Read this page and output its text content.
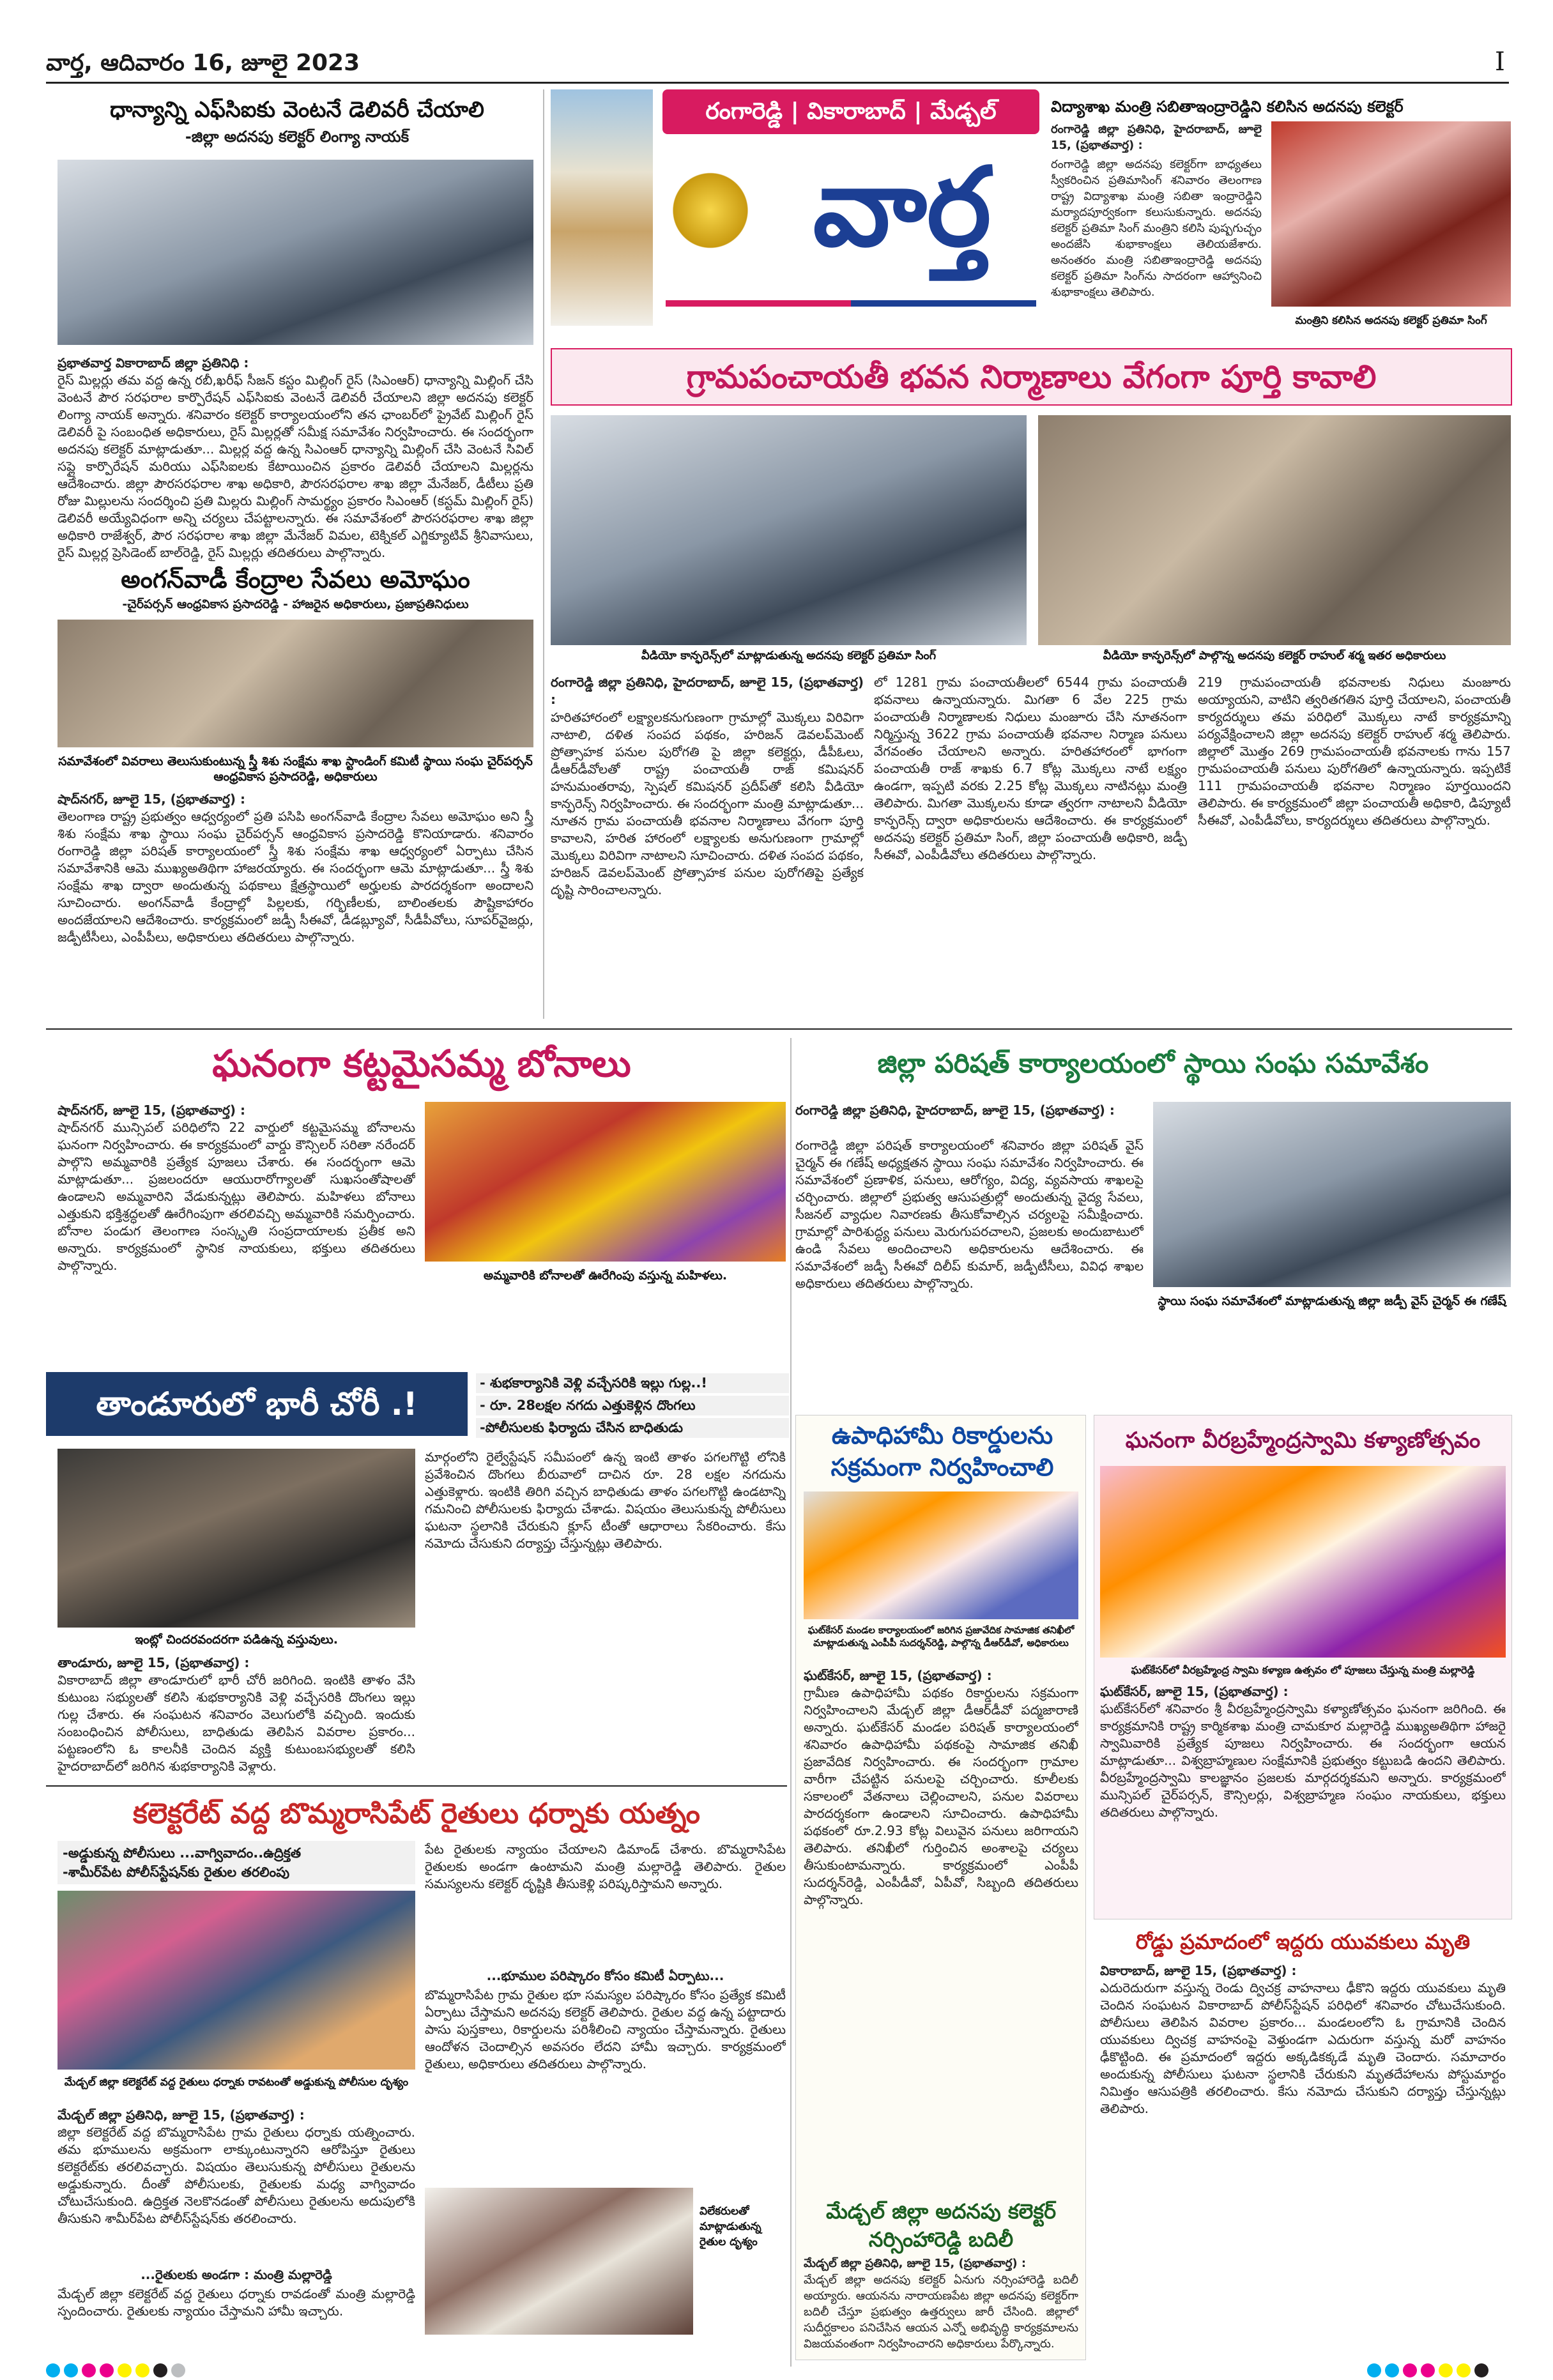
వార్త, ఆదివారం 16, జూలై 2023	I
ధాన్యాన్ని ఎఫ్‌సిఐకు వెంటనే డెలివరీ చేయాలి
-జిల్లా అదనపు కలెక్టర్ లింగ్యా నాయక్
ప్రభాతవార్త వికారాబాద్ జిల్లా ప్రతినిధి :
రైస్ మిల్లర్లు తమ వద్ద ఉన్న రబీ,ఖరీఫ్ సీజన్ కస్టం మిల్లింగ్ రైస్ (సిఎంఆర్) ధాన్యాన్ని మిల్లింగ్ చేసి వెంటనే పౌర సరఫరాల కార్పొరేషన్ ఎఫ్‌సిఐకు వెంటనే డెలివరీ చేయాలని జిల్లా అదనపు కలెక్టర్ లింగ్యా నాయక్ అన్నారు. శనివారం కలెక్టర్ కార్యాలయంలోని తన ఛాంబర్‌లో ప్రైవేట్ మిల్లింగ్ రైస్ డెలివరీ పై సంబంధిత అధికారులు, రైస్ మిల్లర్లతో సమీక్ష సమావేశం నిర్వహించారు. ఈ సందర్భంగా అదనపు కలెక్టర్ మాట్లాడుతూ... మిల్లర్ల వద్ద ఉన్న సిఎంఆర్ ధాన్యాన్ని మిల్లింగ్ చేసి వెంటనే సివిల్ సప్లై కార్పొరేషన్ మరియు ఎఫ్‌సిఐలకు కేటాయించిన ప్రకారం డెలివరీ చేయాలని మిల్లర్లను ఆదేశించారు. జిల్లా పౌరసరఫరాల శాఖ అధికారి, పౌరసరఫరాల శాఖ జిల్లా మేనేజర్, డీటీలు ప్రతి రోజు మిల్లులను సందర్శించి ప్రతి మిల్లరు మిల్లింగ్ సామర్థ్యం ప్రకారం సిఎంఆర్ (కస్టమ్ మిల్లింగ్ రైస్) డెలివరీ అయ్యేవిధంగా అన్ని చర్యలు చేపట్టాలన్నారు. ఈ సమావేశంలో పౌరసరఫరాల శాఖ జిల్లా అధికారి రాజేశ్వర్, పౌర సరఫరాల శాఖ జిల్లా మేనేజర్ విమల, టెక్నికల్ ఎగ్జిక్యూటివ్ శ్రీనివాసులు, రైస్ మిల్లర్ల ప్రెసిడెంట్ బాల్‌రెడ్డి, రైస్ మిల్లర్లు తదితరులు పాల్గొన్నారు.
అంగన్‌వాడీ కేంద్రాల సేవలు అమోఘం
-చైర్‌పర్సన్ ఆంధ్రవికాస ప్రసాదరెడ్డి - హాజరైన అధికారులు, ప్రజాప్రతినిధులు
సమావేశంలో వివరాలు తెలుసుకుంటున్న స్త్రీ శిశు సంక్షేమ శాఖ స్టాండింగ్ కమిటీ స్థాయి సంఘ చైర్‌పర్సన్ ఆంధ్రవికాస ప్రసాదరెడ్డి, అధికారులు
షాద్‌నగర్, జూలై 15, (ప్రభాతవార్త) :
తెలంగాణ రాష్ట్ర ప్రభుత్వం ఆధ్వర్యంలో ప్రతి పసిపి అంగన్‌వాడి కేంద్రాల సేవలు అమోఘం అని స్త్రీ శిశు సంక్షేమ శాఖ స్థాయి సంఘ చైర్‌పర్సన్ ఆంధ్రవికాస ప్రసాదరెడ్డి కొనియాడారు. శనివారం రంగారెడ్డి జిల్లా పరిషత్ కార్యాలయంలో స్త్రీ శిశు సంక్షేమ శాఖ ఆధ్వర్యంలో ఏర్పాటు చేసిన సమావేశానికి ఆమె ముఖ్యఅతిథిగా హాజరయ్యారు. ఈ సందర్భంగా ఆమె మాట్లాడుతూ... స్త్రీ శిశు సంక్షేమ శాఖ ద్వారా అందుతున్న పథకాలు క్షేత్రస్థాయిలో అర్హులకు పారదర్శకంగా అందాలని సూచించారు. అంగన్‌వాడీ కేంద్రాల్లో పిల్లలకు, గర్భిణీలకు, బాలింతలకు పౌష్టికాహారం అందజేయాలని ఆదేశించారు. కార్యక్రమంలో జడ్పీ సీఈవో, డీడబ్ల్యూవో, సీడీపీవోలు, సూపర్‌వైజర్లు, జడ్పీటీసీలు, ఎంపీపీలు, అధికారులు తదితరులు పాల్గొన్నారు.
రంగారెడ్డి | వికారాబాద్ | మేడ్చల్
వార్త
విద్యాశాఖ మంత్రి సబితాఇంద్రారెడ్డిని కలిసిన అదనపు కలెక్టర్
రంగారెడ్డి జిల్లా ప్రతినిధి, హైదరాబాద్, జూలై 15, (ప్రభాతవార్త) :
రంగారెడ్డి జిల్లా అదనపు కలెక్టర్‌గా బాధ్యతలు స్వీకరించిన ప్రతిమాసింగ్ శనివారం తెలంగాణ రాష్ట్ర విద్యాశాఖ మంత్రి సబితా ఇంద్రారెడ్డిని మర్యాదపూర్వకంగా కలుసుకున్నారు. అదనపు కలెక్టర్ ప్రతిమా సింగ్ మంత్రిని కలిసి పుష్పగుచ్ఛం అందజేసి శుభాకాంక్షలు తెలియజేశారు. అనంతరం మంత్రి సబితాఇంద్రారెడ్డి అదనపు కలెక్టర్ ప్రతిమా సింగ్‌ను సాదరంగా ఆహ్వానించి శుభాకాంక్షలు తెలిపారు.
మంత్రిని కలిసిన అదనపు కలెక్టర్ ప్రతిమా సింగ్
గ్రామపంచాయతీ భవన నిర్మాణాలు వేగంగా పూర్తి కావాలి
వీడియో కాన్ఫరెన్స్‌లో మాట్లాడుతున్న అదనపు కలెక్టర్ ప్రతిమా సింగ్	వీడియో కాన్ఫరెన్స్‌లో పాల్గొన్న అదనపు కలెక్టర్ రాహుల్ శర్మ ఇతర అధికారులు
రంగారెడ్డి జిల్లా ప్రతినిధి, హైదరాబాద్, జూలై 15, (ప్రభాతవార్త) :
హరితహారంలో లక్ష్యాలకనుగుణంగా గ్రామాల్లో మొక్కలు విరివిగా నాటాలి, దళిత సంపద పథకం, హరిజన్ డెవలప్‌మెంట్ ప్రోత్సాహక పనుల పురోగతి పై జిల్లా కలెక్టర్లు, డీపీఓలు, డీఆర్‌డీవోలతో రాష్ట్ర పంచాయతీ రాజ్ కమిషనర్ హనుమంతరావు, స్పెషల్ కమిషనర్ ప్రదీప్‌తో కలిసి వీడియో కాన్ఫరెన్స్ నిర్వహించారు. ఈ సందర్భంగా మంత్రి మాట్లాడుతూ... నూతన గ్రామ పంచాయతీ భవనాల నిర్మాణాలు వేగంగా పూర్తి కావాలని, హరిత హారంలో లక్ష్యాలకు అనుగుణంగా గ్రామాల్లో మొక్కలు విరివిగా నాటాలని సూచించారు. దళిత సంపద పథకం, హరిజన్ డెవలప్‌మెంట్ ప్రోత్సాహక పనుల పురోగతిపై ప్రత్యేక దృష్టి సారించాలన్నారు.
లో 1281 గ్రామ పంచాయతీలలో 6544 గ్రామ పంచాయతీ భవనాలు ఉన్నాయన్నారు. మిగతా 6 వేల 225 గ్రామ పంచాయతీ నిర్మాణాలకు నిధులు మంజూరు చేసి నూతనంగా నిర్మిస్తున్న 3622 గ్రామ పంచాయతీ భవనాల నిర్మాణ పనులు వేగవంతం చేయాలని అన్నారు. హరితహారంలో భాగంగా పంచాయతీ రాజ్ శాఖకు 6.7 కోట్ల మొక్కలు నాటే లక్ష్యం ఉండగా, ఇప్పటి వరకు 2.25 కోట్ల మొక్కలు నాటినట్లు మంత్రి తెలిపారు. మిగతా మొక్కలను కూడా త్వరగా నాటాలని వీడియో కాన్ఫరెన్స్ ద్వారా అధికారులను ఆదేశించారు. ఈ కార్యక్రమంలో అదనపు కలెక్టర్ ప్రతిమా సింగ్, జిల్లా పంచాయతీ అధికారి, జడ్పీ సీఈవో, ఎంపీడీవోలు తదితరులు పాల్గొన్నారు.
219 గ్రామపంచాయతీ భవనాలకు నిధులు మంజూరు అయ్యాయని, వాటిని త్వరితగతిన పూర్తి చేయాలని, పంచాయతీ కార్యదర్శులు తమ పరిధిలో మొక్కలు నాటే కార్యక్రమాన్ని పర్యవేక్షించాలని జిల్లా అదనపు కలెక్టర్ రాహుల్ శర్మ తెలిపారు. జిల్లాలో మొత్తం 269 గ్రామపంచాయతీ భవనాలకు గాను 157 గ్రామపంచాయతీ పనులు పురోగతిలో ఉన్నాయన్నారు. ఇప్పటికే 111 గ్రామపంచాయతీ భవనాల నిర్మాణం పూర్తయిందని తెలిపారు. ఈ కార్యక్రమంలో జిల్లా పంచాయతీ అధికారి, డిప్యూటీ సీఈవో, ఎంపీడీవోలు, కార్యదర్శులు తదితరులు పాల్గొన్నారు.
ఘనంగా కట్టమైసమ్మ బోనాలు
షాద్‌నగర్, జూలై 15, (ప్రభాతవార్త) :
షాద్‌నగర్ మున్సిపల్ పరిధిలోని 22 వార్డులో కట్టమైసమ్మ బోనాలను ఘనంగా నిర్వహించారు. ఈ కార్యక్రమంలో వార్డు కౌన్సిలర్ సరితా నరేందర్ పాల్గొని అమ్మవారికి ప్రత్యేక పూజలు చేశారు. ఈ సందర్భంగా ఆమె మాట్లాడుతూ... ప్రజలందరూ ఆయురారోగ్యాలతో సుఖసంతోషాలతో ఉండాలని అమ్మవారిని వేడుకున్నట్లు తెలిపారు. మహిళలు బోనాలు ఎత్తుకుని భక్తిశ్రద్ధలతో ఊరేగింపుగా తరలివచ్చి అమ్మవారికి సమర్పించారు. బోనాల పండుగ తెలంగాణ సంస్కృతి సంప్రదాయాలకు ప్రతీక అని అన్నారు. కార్యక్రమంలో స్థానిక నాయకులు, భక్తులు తదితరులు పాల్గొన్నారు.
అమ్మవారికి బోనాలతో ఊరేగింపు వస్తున్న మహిళలు.
జిల్లా పరిషత్ కార్యాలయంలో స్థాయి సంఘ సమావేశం
రంగారెడ్డి జిల్లా ప్రతినిధి, హైదరాబాద్, జూలై 15, (ప్రభాతవార్త) :
రంగారెడ్డి జిల్లా పరిషత్ కార్యాలయంలో శనివారం జిల్లా పరిషత్ వైస్ చైర్మన్ ఈ గణేష్ అధ్యక్షతన స్థాయి సంఘ సమావేశం నిర్వహించారు. ఈ సమావేశంలో ప్రణాళిక, పనులు, ఆరోగ్యం, విద్య, వ్యవసాయ శాఖలపై చర్చించారు. జిల్లాలో ప్రభుత్వ ఆసుపత్రుల్లో అందుతున్న వైద్య సేవలు, సీజనల్ వ్యాధుల నివారణకు తీసుకోవాల్సిన చర్యలపై సమీక్షించారు. గ్రామాల్లో పారిశుద్ధ్య పనులు మెరుగుపరచాలని, ప్రజలకు అందుబాటులో ఉండి సేవలు అందించాలని అధికారులను ఆదేశించారు. ఈ సమావేశంలో జడ్పీ సీఈవో దిలీప్ కుమార్, జడ్పీటీసీలు, వివిధ శాఖల అధికారులు తదితరులు పాల్గొన్నారు.
స్థాయి సంఘ సమావేశంలో మాట్లాడుతున్న జిల్లా జడ్పీ వైస్ చైర్మన్ ఈ గణేష్
తాండూరులో భారీ చోరీ .!
- శుభకార్యానికి వెళ్లి వచ్చేసరికి ఇల్లు గుల్ల..!
- రూ. 28లక్షల నగదు ఎత్తుకెళ్లిన దొంగలు
-పోలీసులకు ఫిర్యాదు చేసిన బాధితుడు
ఇంట్లో చిందరవందరగా పడిఉన్న వస్తువులు.
తాండూరు, జూలై 15, (ప్రభాతవార్త) :
వికారాబాద్ జిల్లా తాండూరులో భారీ చోరీ జరిగింది. ఇంటికి తాళం వేసి కుటుంబ సభ్యులతో కలిసి శుభకార్యానికి వెళ్లి వచ్చేసరికి దొంగలు ఇల్లు గుల్ల చేశారు. ఈ సంఘటన శనివారం వెలుగులోకి వచ్చింది. ఇందుకు సంబంధించిన పోలీసులు, బాధితుడు తెలిపిన వివరాల ప్రకారం... పట్టణంలోని ఓ కాలనీకి చెందిన వ్యక్తి కుటుంబసభ్యులతో కలిసి హైదరాబాద్‌లో జరిగిన శుభకార్యానికి వెళ్లారు.
మార్గంలోని రైల్వేస్టేషన్ సమీపంలో ఉన్న ఇంటి తాళం పగలగొట్టి లోనికి ప్రవేశించిన దొంగలు బీరువాలో దాచిన రూ. 28 లక్షల నగదును ఎత్తుకెళ్లారు. ఇంటికి తిరిగి వచ్చిన బాధితుడు తాళం పగలగొట్టి ఉండటాన్ని గమనించి పోలీసులకు ఫిర్యాదు చేశాడు. విషయం తెలుసుకున్న పోలీసులు ఘటనా స్థలానికి చేరుకుని క్లూస్ టీంతో ఆధారాలు సేకరించారు. కేసు నమోదు చేసుకుని దర్యాప్తు చేస్తున్నట్లు తెలిపారు.
కలెక్టరేట్ వద్ద బొమ్మరాసిపేట్ రైతులు ధర్నాకు యత్నం
-అడ్డుకున్న పోలీసులు ...వాగ్వివాదం..ఉద్రిక్తత
-శామీర్‌పేట పోలీస్‌స్టేషన్‌కు రైతుల తరలింపు
మేడ్చల్ జిల్లా కలెక్టరేట్ వద్ద రైతులు ధర్నాకు రావటంతో అడ్డుకున్న పోలీసుల దృశ్యం
మేడ్చల్ జిల్లా ప్రతినిధి, జూలై 15, (ప్రభాతవార్త) :
జిల్లా కలెక్టరేట్ వద్ద బొమ్మరాసిపేట గ్రామ రైతులు ధర్నాకు యత్నించారు. తమ భూములను అక్రమంగా లాక్కుంటున్నారని ఆరోపిస్తూ రైతులు కలెక్టరేట్‌కు తరలివచ్చారు. విషయం తెలుసుకున్న పోలీసులు రైతులను అడ్డుకున్నారు. దీంతో పోలీసులకు, రైతులకు మధ్య వాగ్వివాదం చోటుచేసుకుంది. ఉద్రిక్తత నెలకొనడంతో పోలీసులు రైతులను అదుపులోకి తీసుకుని శామీర్‌పేట పోలీస్‌స్టేషన్‌కు తరలించారు.
...రైతులకు అండగా : మంత్రి మల్లారెడ్డి
మేడ్చల్ జిల్లా కలెక్టరేట్ వద్ద రైతులు ధర్నాకు రావడంతో మంత్రి మల్లారెడ్డి స్పందించారు. రైతులకు న్యాయం చేస్తామని హామీ ఇచ్చారు.
పేట రైతులకు న్యాయం చేయాలని డిమాండ్ చేశారు. బొమ్మరాసిపేట రైతులకు అండగా ఉంటామని మంత్రి మల్లారెడ్డి తెలిపారు. రైతుల సమస్యలను కలెక్టర్ దృష్టికి తీసుకెళ్లి పరిష్కరిస్తామని అన్నారు.
...భూముల పరిష్కారం కోసం కమిటీ ఏర్పాటు...
బొమ్మరాసిపేట గ్రామ రైతుల భూ సమస్యల పరిష్కారం కోసం ప్రత్యేక కమిటీ ఏర్పాటు చేస్తామని అదనపు కలెక్టర్ తెలిపారు. రైతుల వద్ద ఉన్న పట్టాదారు పాసు పుస్తకాలు, రికార్డులను పరిశీలించి న్యాయం చేస్తామన్నారు. రైతులు ఆందోళన చెందాల్సిన అవసరం లేదని హామీ ఇచ్చారు. కార్యక్రమంలో రైతులు, అధికారులు తదితరులు పాల్గొన్నారు.
విలేకరులతో మాట్లాడుతున్న రైతుల దృశ్యం
ఉపాధిహామీ రికార్డులను సక్రమంగా నిర్వహించాలి
ఘట్‌కేసర్ మండల కార్యాలయంలో జరిగిన ప్రజావేదిక సామాజిక తనిఖీలో మాట్లాడుతున్న ఎంపీపీ సుదర్శన్‌రెడ్డి, పాల్గొన్న డీఆర్‌డీవో, అధికారులు
ఘట్‌కేసర్, జూలై 15, (ప్రభాతవార్త) :
గ్రామీణ ఉపాధిహామీ పథకం రికార్డులను సక్రమంగా నిర్వహించాలని మేడ్చల్ జిల్లా డీఆర్‌డీవో పద్మజారాణి అన్నారు. ఘట్‌కేసర్ మండల పరిషత్ కార్యాలయంలో శనివారం ఉపాధిహామీ పథకంపై సామాజిక తనిఖీ ప్రజావేదిక నిర్వహించారు. ఈ సందర్భంగా గ్రామాల వారీగా చేపట్టిన పనులపై చర్చించారు. కూలీలకు సకాలంలో వేతనాలు చెల్లించాలని, పనుల వివరాలు పారదర్శకంగా ఉండాలని సూచించారు. ఉపాధిహామీ పథకంలో రూ.2.93 కోట్ల విలువైన పనులు జరిగాయని తెలిపారు. తనిఖీలో గుర్తించిన అంశాలపై చర్యలు తీసుకుంటామన్నారు. కార్యక్రమంలో ఎంపీపీ సుదర్శన్‌రెడ్డి, ఎంపీడీవో, ఏపీవో, సిబ్బంది తదితరులు పాల్గొన్నారు.
మేడ్చల్ జిల్లా అదనపు కలెక్టర్ నర్సింహారెడ్డి బదిలీ
మేడ్చల్ జిల్లా ప్రతినిధి, జూలై 15, (ప్రభాతవార్త) :
మేడ్చల్ జిల్లా అదనపు కలెక్టర్ ఏనుగు నర్సింహారెడ్డి బదిలీ అయ్యారు. ఆయనను నారాయణపేట జిల్లా అదనపు కలెక్టర్‌గా బదిలీ చేస్తూ ప్రభుత్వం ఉత్తర్వులు జారీ చేసింది. జిల్లాలో సుదీర్ఘకాలం పనిచేసిన ఆయన ఎన్నో అభివృద్ధి కార్యక్రమాలను విజయవంతంగా నిర్వహించారని అధికారులు పేర్కొన్నారు.
ఘనంగా వీరబ్రహ్మేంద్రస్వామి కళ్యాణోత్సవం
ఘట్‌కేసర్‌లో వీరబ్రహ్మేంద్ర స్వామి కళ్యాణ ఉత్సవం లో పూజలు చేస్తున్న మంత్రి మల్లారెడ్డి
ఘట్‌కేసర్, జూలై 15, (ప్రభాతవార్త) :
ఘట్‌కేసర్‌లో శనివారం శ్రీ వీరబ్రహ్మేంద్రస్వామి కళ్యాణోత్సవం ఘనంగా జరిగింది. ఈ కార్యక్రమానికి రాష్ట్ర కార్మికశాఖ మంత్రి చామకూర మల్లారెడ్డి ముఖ్యఅతిథిగా హాజరై స్వామివారికి ప్రత్యేక పూజలు నిర్వహించారు. ఈ సందర్భంగా ఆయన మాట్లాడుతూ... విశ్వబ్రాహ్మణుల సంక్షేమానికి ప్రభుత్వం కట్టుబడి ఉందని తెలిపారు. వీరబ్రహ్మేంద్రస్వామి కాలజ్ఞానం ప్రజలకు మార్గదర్శకమని అన్నారు. కార్యక్రమంలో మున్సిపల్ చైర్‌పర్సన్, కౌన్సిలర్లు, విశ్వబ్రాహ్మణ సంఘం నాయకులు, భక్తులు తదితరులు పాల్గొన్నారు.
రోడ్డు ప్రమాదంలో ఇద్దరు యువకులు మృతి
వికారాబాద్, జూలై 15, (ప్రభాతవార్త) :
ఎదురెదురుగా వస్తున్న రెండు ద్విచక్ర వాహనాలు ఢీకొని ఇద్దరు యువకులు మృతి చెందిన సంఘటన వికారాబాద్ పోలీస్‌స్టేషన్ పరిధిలో శనివారం చోటుచేసుకుంది. పోలీసులు తెలిపిన వివరాల ప్రకారం... మండలంలోని ఓ గ్రామానికి చెందిన యువకులు ద్విచక్ర వాహనంపై వెళ్తుండగా ఎదురుగా వస్తున్న మరో వాహనం ఢీకొట్టింది. ఈ ప్రమాదంలో ఇద్దరు అక్కడికక్కడే మృతి చెందారు. సమాచారం అందుకున్న పోలీసులు ఘటనా స్థలానికి చేరుకుని మృతదేహాలను పోస్టుమార్టం నిమిత్తం ఆసుపత్రికి తరలించారు. కేసు నమోదు చేసుకుని దర్యాప్తు చేస్తున్నట్లు తెలిపారు.
